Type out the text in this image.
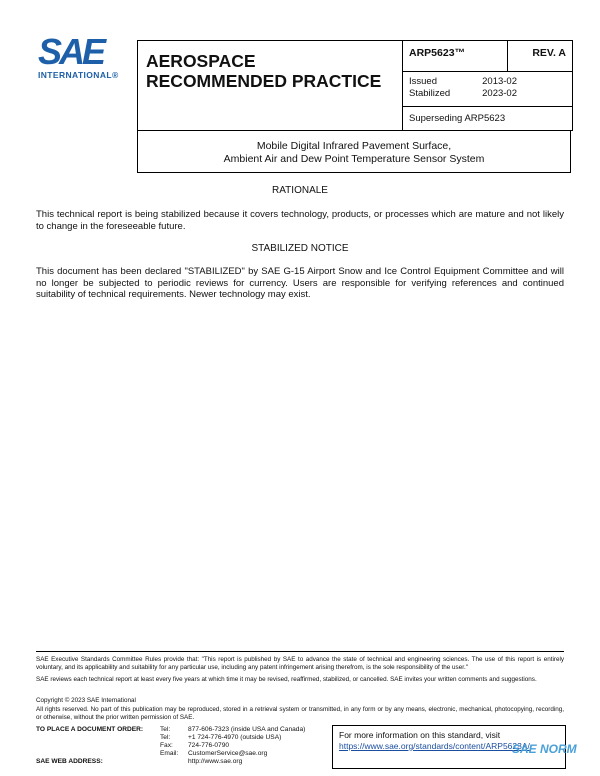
SAE
INTERNATIONAL®
AEROSPACE
RECOMMENDED PRACTICE
	ARP5623™	REV. A

Issued	2013-02
Stabilized	2023-02

Superseding ARP5623
Mobile Digital Infrared Pavement Surface,
Ambient Air and Dew Point Temperature Sensor System
RATIONALE
This technical report is being stabilized because it covers technology, products, or processes which are mature and not likely to change in the foreseeable future.
STABILIZED NOTICE
This document has been declared "STABILIZED" by SAE G-15 Airport Snow and Ice Control Equipment Committee and will no longer be subjected to periodic reviews for currency. Users are responsible for verifying references and continued suitability of technical requirements. Newer technology may exist.
SAE Executive Standards Committee Rules provide that: "This report is published by SAE to advance the state of technical and engineering sciences. The use of this report is entirely voluntary, and its applicability and suitability for any particular use, including any patent infringement arising therefrom, is the sole responsibility of the user."
SAE reviews each technical report at least every five years at which time it may be revised, reaffirmed, stabilized, or cancelled. SAE invites your written comments and suggestions.
Copyright © 2023 SAE International
All rights reserved. No part of this publication may be reproduced, stored in a retrieval system or transmitted, in any form or by any means, electronic, mechanical, photocopying, recording, or otherwise, without the prior written permission of SAE.
TO PLACE A DOCUMENT ORDER:	Tel:	877-606-7323 (inside USA and Canada)
Tel:	+1 724-776-4970 (outside USA)
Fax:	724-776-0790
Email:	CustomerService@sae.org
SAE WEB ADDRESS:	http://www.sae.org
For more information on this standard, visit
https://www.sae.org/standards/content/ARP5623A/
SAE NORM
